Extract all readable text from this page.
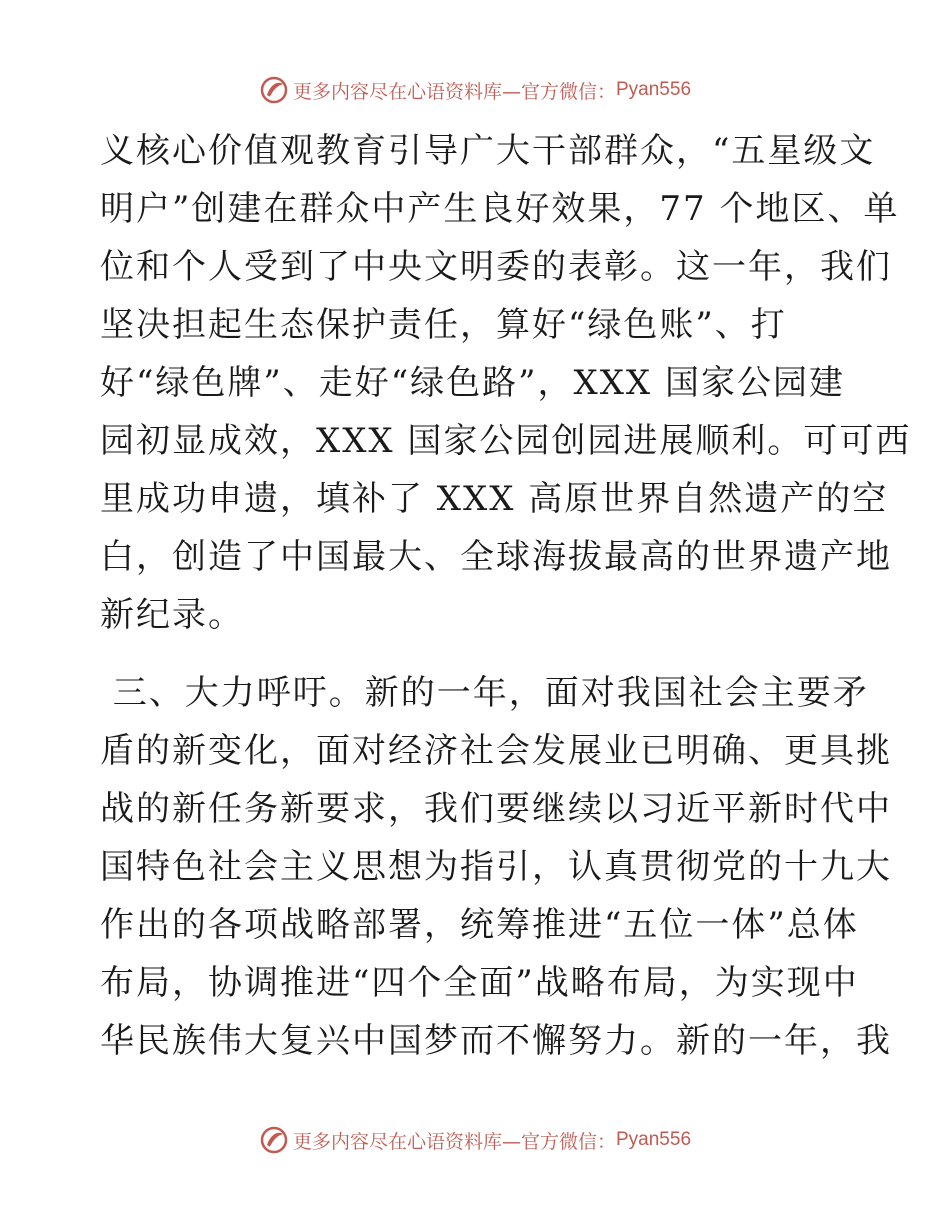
更多内容尽在心语资料库—官方微信： Pyan556
义核心价值观教育引导广大干部群众，“五星级文
明户”创建在群众中产生良好效果，77 个地区、单
位和个人受到了中央文明委的表彰。这一年，我们
坚决担起生态保护责任，算好“绿色账”、打
好“绿色牌”、走好“绿色路”，XXX 国家公园建
园初显成效，XXX 国家公园创园进展顺利。可可西
里成功申遗，填补了 XXX 高原世界自然遗产的空
白，创造了中国最大、全球海拔最高的世界遗产地
新纪录。
三、大力呼吁。新的一年，面对我国社会主要矛
盾的新变化，面对经济社会发展业已明确、更具挑
战的新任务新要求，我们要继续以习近平新时代中
国特色社会主义思想为指引，认真贯彻党的十九大
作出的各项战略部署，统筹推进“五位一体”总体
布局，协调推进“四个全面”战略布局，为实现中
华民族伟大复兴中国梦而不懈努力。新的一年，我
更多内容尽在心语资料库—官方微信： Pyan556
